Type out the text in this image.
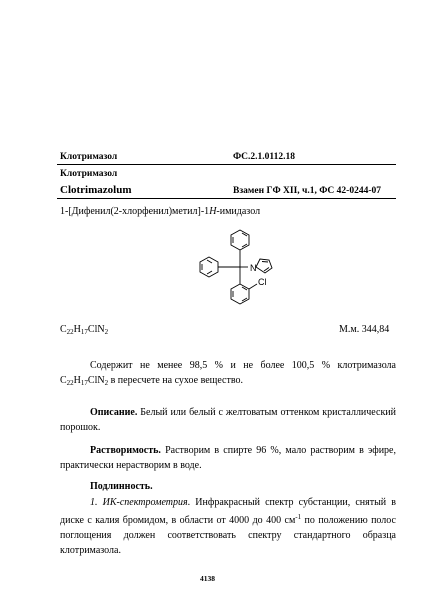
Клотримазол	ФС.2.1.0112.18
Клотримазол
Clotrimazolum	Взамен ГФ XII, ч.1, ФС 42-0244-07
1-[Дифенил(2-хлорфенил)метил]-1H-имидазол
N
Cl
$C_{22}H_{17}ClN_2$	М.м. 344,84
Содержит не менее 98,5 % и не более 100,5 % клотримазола $C_{22}H_{17}ClN_2$ в пересчете на сухое вещество.
Описание. Белый или белый с желтоватым оттенком кристаллический порошок.
Растворимость. Растворим в спирте 96 %, мало растворим в эфире, практически нерастворим в воде.
Подлинность.
1. ИК-спектрометрия. Инфракрасный спектр субстанции, снятый в диске с калия бромидом, в области от 4000 до 400 $см^{-1}$ по положению полос поглощения должен соответствовать спектру стандартного образца клотримазола.
4138
